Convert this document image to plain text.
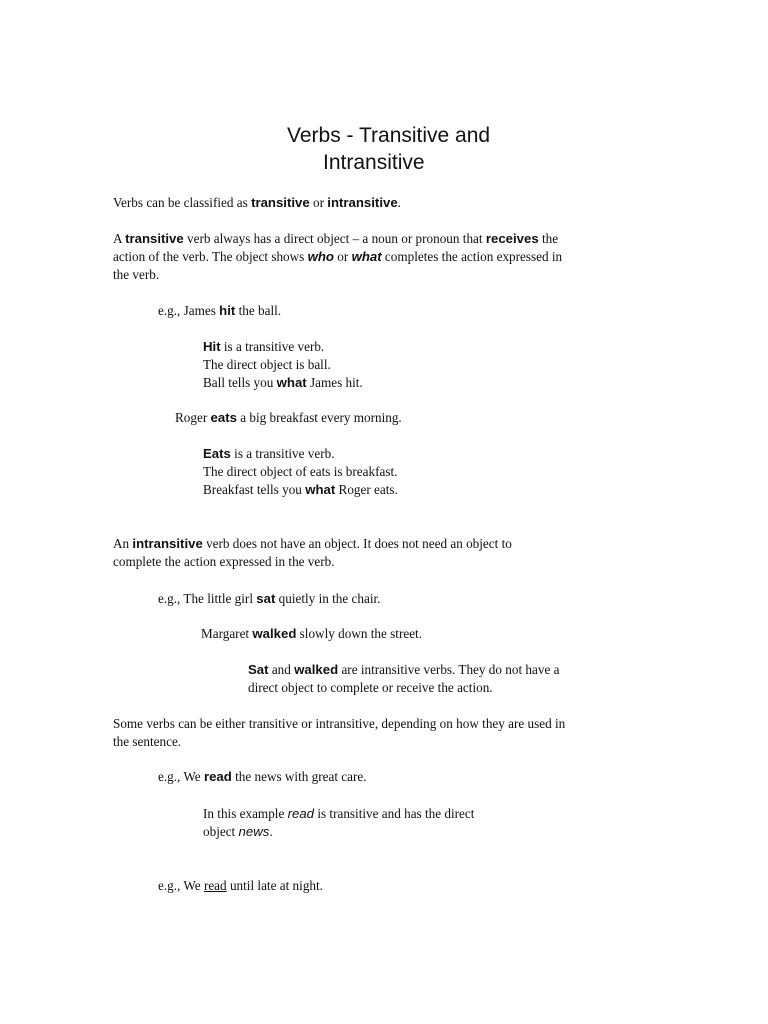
Verbs - Transitive and
Intransitive
Verbs can be classified as transitive or intransitive.
A transitive verb always has a direct object – a noun or pronoun that receives the
action of the verb. The object shows who or what completes the action expressed in
the verb.
e.g., James hit the ball.
Hit is a transitive verb.
The direct object is ball.
Ball tells you what James hit.
Roger eats a big breakfast every morning.
Eats is a transitive verb.
The direct object of eats is breakfast.
Breakfast tells you what Roger eats.
An intransitive verb does not have an object. It does not need an object to
complete the action expressed in the verb.
e.g., The little girl sat quietly in the chair.
Margaret walked slowly down the street.
Sat and walked are intransitive verbs. They do not have a
direct object to complete or receive the action.
Some verbs can be either transitive or intransitive, depending on how they are used in
the sentence.
e.g., We read the news with great care.
In this example read is transitive and has the direct
object news.
e.g., We read until late at night.
